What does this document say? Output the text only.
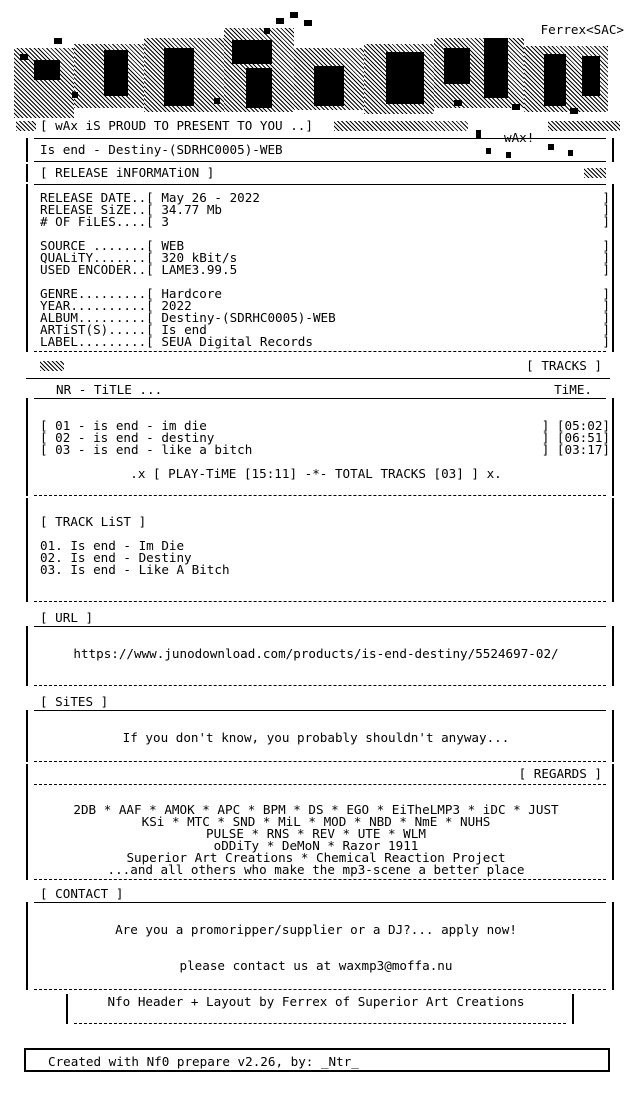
Ferrex<SAC>
[ wAx iS PROUD TO PRESENT TO YOU ..]
wAx!
Is end - Destiny-(SDRHC0005)-WEB
[ RELEASE iNFORMATiON ]
RELEASE DATE..[ May 26 - 2022	]
RELEASE SiZE..[ 34.77 Mb	]
# OF FiLES....[ 3	]
SOURCE .......[ WEB	]
QUALiTY.......[ 320 kBit/s	]
USED ENCODER..[ LAME3.99.5	]
GENRE.........[ Hardcore	]
YEAR..........[ 2022	]
ALBUM.........[ Destiny-(SDRHC0005)-WEB	]
ARTiST(S).....[ Is end	]
LABEL.........[ SEUA Digital Records	]
[ TRACKS ]
NR - TiTLE ...	TiME.
[ 01 - is end - im die	] [05:02]
[ 02 - is end - destiny	] [06:51]
[ 03 - is end - like a bitch	] [03:17]
.x [ PLAY-TiME [15:11] -*- TOTAL TRACKS [03] ] x.
[ TRACK LiST ]
01. Is end - Im Die
02. Is end - Destiny
03. Is end - Like A Bitch
[ URL ]
https://www.junodownload.com/products/is-end-destiny/5524697-02/
[ SiTES ]
If you don't know, you probably shouldn't anyway...
[ REGARDS ]
2DB * AAF * AMOK * APC * BPM * DS * EGO * EiTheLMP3 * iDC * JUST
KSi * MTC * SND * MiL * MOD * NBD * NmE * NUHS
PULSE * RNS * REV * UTE * WLM
oDDiTy * DeMoN * Razor 1911
Superior Art Creations * Chemical Reaction Project
...and all others who make the mp3-scene a better place
[ CONTACT ]
Are you a promoripper/supplier or a DJ?... apply now!
please contact us at waxmp3@moffa.nu
Nfo Header + Layout by Ferrex of Superior Art Creations
Created with Nf0 prepare v2.26, by: _Ntr_
